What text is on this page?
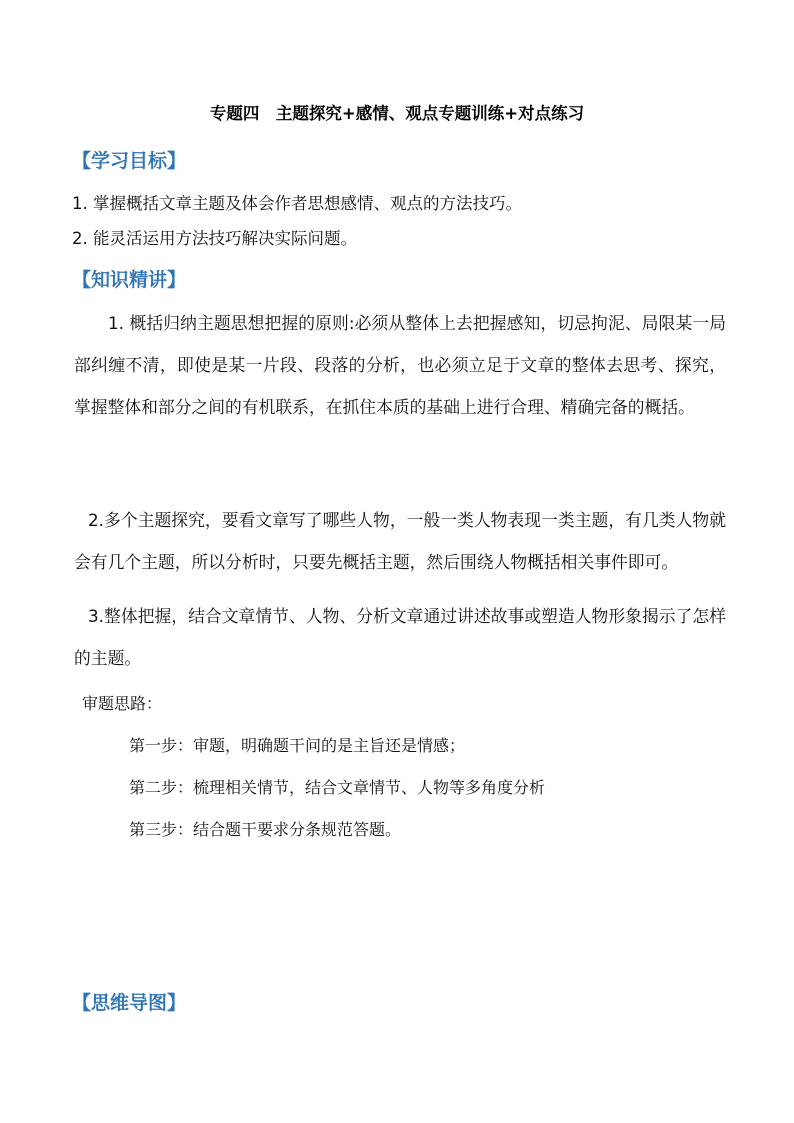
专题四　主题探究+感情、观点专题训练+对点练习
【学习目标】
1. 掌握概括文章主题及体会作者思想感情、观点的方法技巧。
2. 能灵活运用方法技巧解决实际问题。
【知识精讲】
1. 概括归纳主题思想把握的原则:必须从整体上去把握感知，切忌拘泥、局限某一局部纠缠不清，即使是某一片段、段落的分析，也必须立足于文章的整体去思考、探究，掌握整体和部分之间的有机联系，在抓住本质的基础上进行合理、精确完备的概括。
2.多个主题探究，要看文章写了哪些人物，一般一类人物表现一类主题，有几类人物就会有几个主题，所以分析时，只要先概括主题，然后围绕人物概括相关事件即可。
3.整体把握，结合文章情节、人物、分析文章通过讲述故事或塑造人物形象揭示了怎样的主题。
审题思路：
第一步：审题，明确题干问的是主旨还是情感；
第二步：梳理相关情节，结合文章情节、人物等多角度分析
第三步：结合题干要求分条规范答题。
【思维导图】
